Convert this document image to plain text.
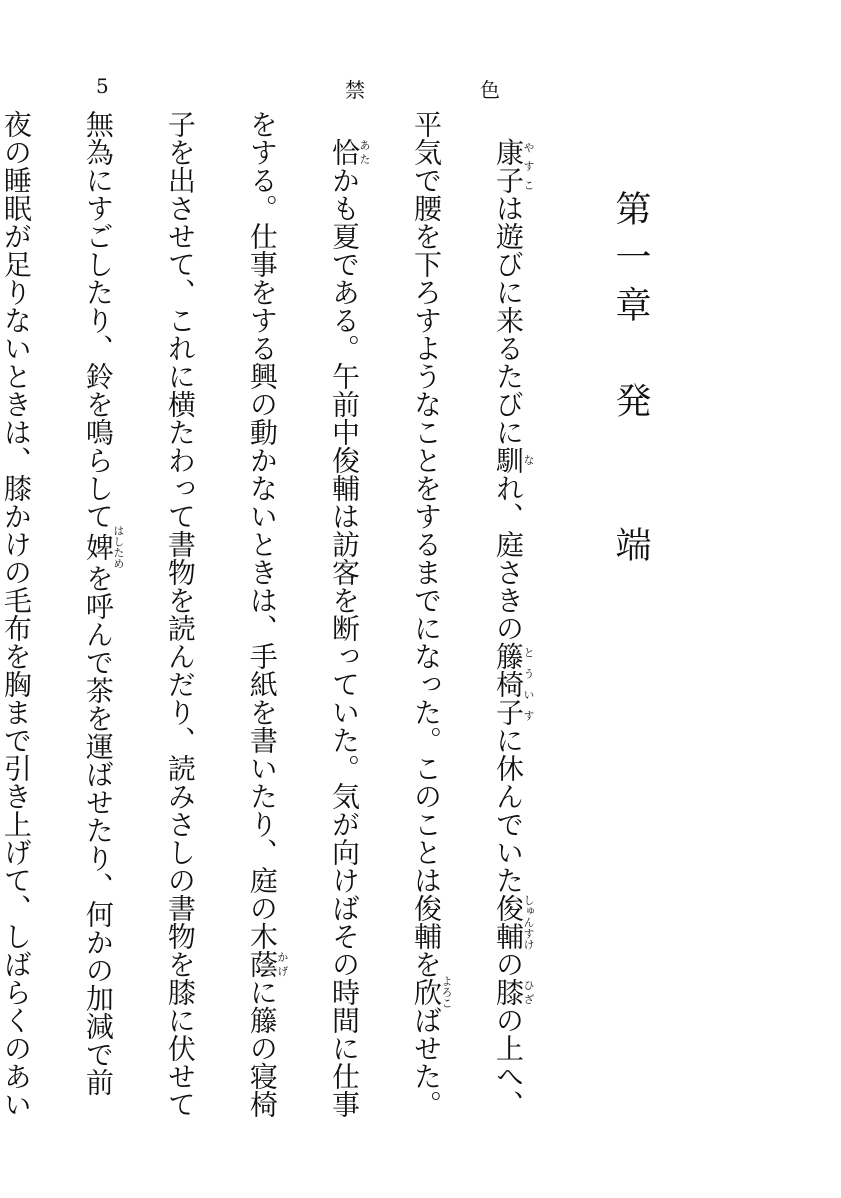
5	禁	色
第一章　発　　端

康子やすこは遊びに来るたびに馴なれ、庭さきの籐椅子とういすに休んでいた俊輔しゅんすけの膝ひざの上へ、平気で腰を下ろすようなことをするまでになった。このことは俊輔を欣よろこばせた。

恰あたかも夏である。午前中俊輔は訪客を断っていた。気が向けばその時間に仕事をする。仕事をする興の動かないときは、手紙を書いたり、庭の木蔭かげに籐の寝椅子を出させて、これに横たわって書物を読んだり、読みさしの書物を膝に伏せて無為にすごしたり、鈴を鳴らして婢はしためを呼んで茶を運ばせたり、何かの加減で前夜の睡眠が足りないときは、膝かけの毛布を胸まで引き上げて、しばらくのあい
